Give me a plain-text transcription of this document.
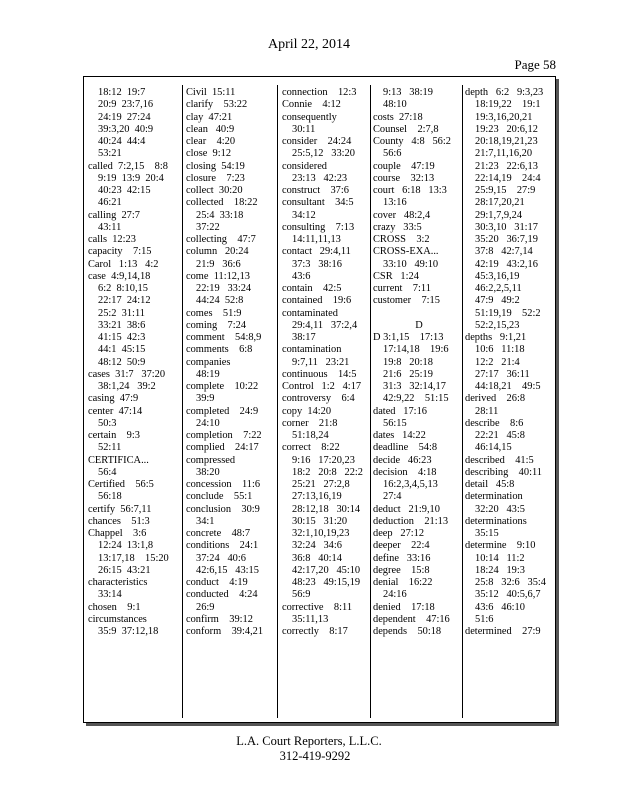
April 22, 2014
Page 58
18:12  19:7
20:9  23:7,16
24:19  27:24
39:3,20  40:9
40:24  44:4
53:21
called  7:2,15    8:8
9:19  13:9  20:4
40:23  42:15
46:21
calling  27:7
43:11
calls  12:23
capacity    7:15
Carol   1:13   4:2
case  4:9,14,18
6:2  8:10,15
22:17  24:12
25:2  31:11
33:21  38:6
41:15  42:3
44:1  45:15
48:12  50:9
cases  31:7   37:20
38:1,24   39:2
casing  47:9
center  47:14
50:3
certain    9:3
52:11
CERTIFICA...
56:4
Certified    56:5
56:18
certify  56:7,11
chances    51:3
Chappel    3:6
12:24  13:1,8
13:17,18    15:20
26:15  43:21
characteristics
33:14
chosen    9:1
circumstances
35:9  37:12,18
Civil  15:11
clarify    53:22
clay  47:21
clean   40:9
clear    4:20
close  9:12
closing  54:19
closure    7:23
collect  30:20
collected    18:22
25:4  33:18
37:22
collecting    47:7
column   20:24
21:9   36:6
come  11:12,13
22:19   33:24
44:24  52:8
comes    51:9
coming    7:24
comment    54:8,9
comments    6:8
companies
48:19
complete    10:22
39:9
completed    24:9
24:10
completion    7:22
complied    24:17
compressed
38:20
concession    11:6
conclude    55:1
conclusion    30:9
34:1
concrete    48:7
conditions    24:1
37:24   40:6
42:6,15   43:15
conduct    4:19
conducted    4:24
26:9
confirm    39:12
conform    39:4,21
connection    12:3
Connie    4:12
consequently
30:11
consider    24:24
25:5,12   33:20
considered
23:13   42:23
construct    37:6
consultant    34:5
34:12
consulting    7:13
14:11,11,13
contact   29:4,11
37:3   38:16
43:6
contain    42:5
contained    19:6
contaminated
29:4,11   37:2,4
38:17
contamination
9:7,11   23:21
continuous    14:5
Control   1:2   4:17
controversy    6:4
copy  14:20
corner    21:8
51:18,24
correct    8:22
9:16   17:20,23
18:2   20:8   22:2
25:21   27:2,8
27:13,16,19
28:12,18   30:14
30:15   31:20
32:1,10,19,23
32:24   34:6
36:8   40:14
42:17,20   45:10
48:23   49:15,19
56:9
corrective    8:11
35:11,13
correctly    8:17
9:13   38:19
48:10
costs  27:18
Counsel    2:7,8
County   4:8   56:2
56:6
couple    47:19
course    32:13
court   6:18   13:3
13:16
cover   48:2,4
crazy   33:5
CROSS    3:2
CROSS-EXA...
33:10   49:10
CSR   1:24
current    7:11
customer    7:15
D
D 3:1,15    17:13
17:14,18    19:6
19:8   20:18
21:6   25:19
31:3   32:14,17
42:9,22    51:15
dated   17:16
56:15
dates   14:22
deadline    54:8
decide   46:23
decision    4:18
16:2,3,4,5,13
27:4
deduct   21:9,10
deduction    21:13
deep   27:12
deeper    22:4
define   33:16
degree    15:8
denial    16:22
24:16
denied    17:18
dependent    47:16
depends    50:18
depth   6:2   9:3,23
18:19,22    19:1
19:3,16,20,21
19:23   20:6,12
20:18,19,21,23
21:7,11,16,20
21:23   22:6,13
22:14,19    24:4
25:9,15    27:9
28:17,20,21
29:1,7,9,24
30:3,10   31:17
35:20   36:7,19
37:8   42:7,14
42:19   43:2,16
45:3,16,19
46:2,2,5,11
47:9   49:2
51:19,19    52:2
52:2,15,23
depths   9:1,21
10:6   11:18
12:2   21:4
27:17   36:11
44:18,21    49:5
derived    26:8
28:11
describe    8:6
22:21   45:8
46:14,15
described    41:5
describing    40:11
detail   45:8
determination
32:20   43:5
determinations
35:15
determine    9:10
10:14   11:2
18:24   19:3
25:8   32:6   35:4
35:12   40:5,6,7
43:6   46:10
51:6
determined    27:9
L.A. Court Reporters, L.L.C.
312-419-9292
